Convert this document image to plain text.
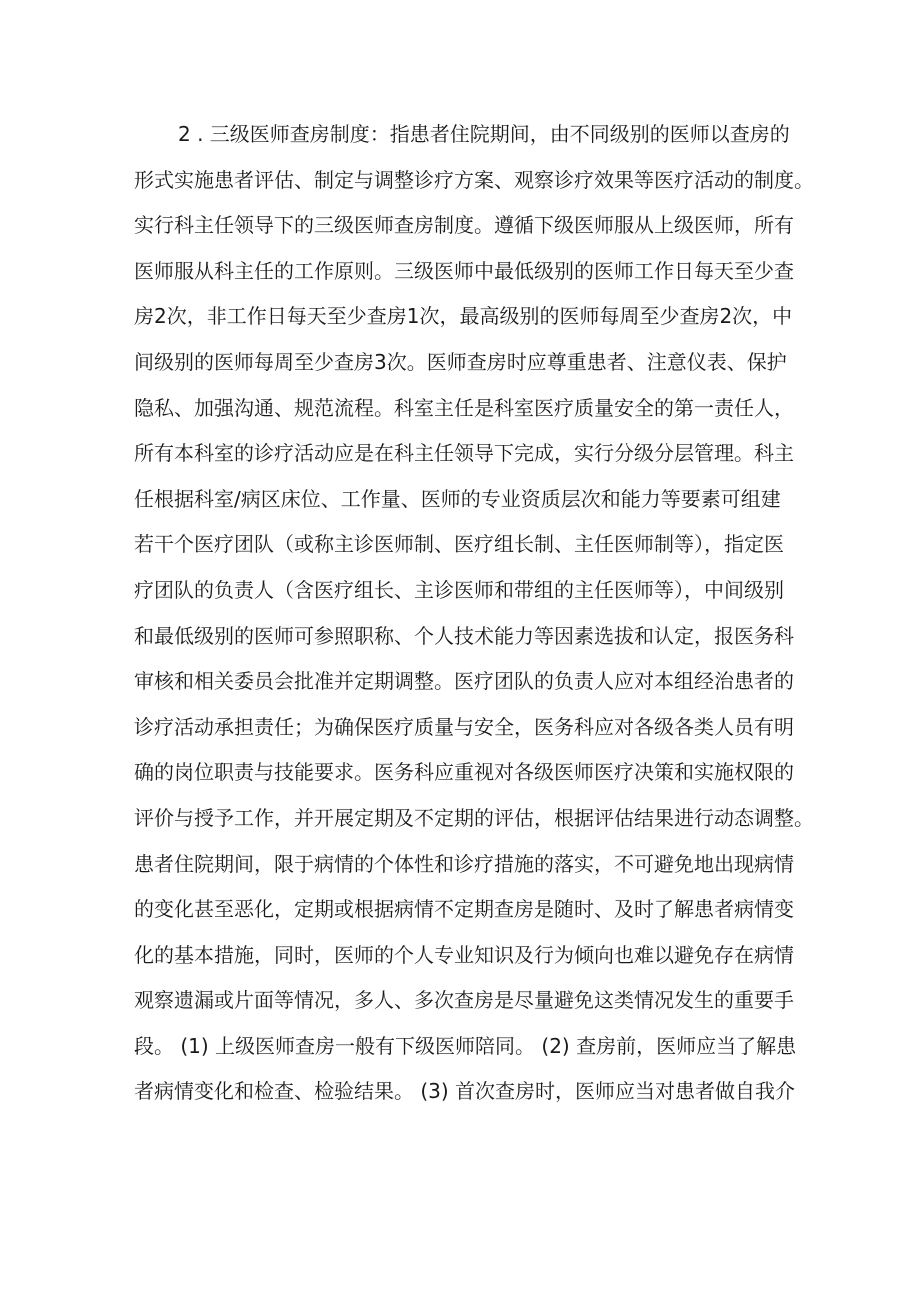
2 . 三级医师查房制度：指患者住院期间，由不同级别的医师以查房的
形式实施患者评估、制定与调整诊疗方案、观察诊疗效果等医疗活动的制度。
实行科主任领导下的三级医师查房制度。遵循下级医师服从上级医师，所有
医师服从科主任的工作原则。三级医师中最低级别的医师工作日每天至少查
房2次，非工作日每天至少查房1次，最高级别的医师每周至少查房2次，中
间级别的医师每周至少查房3次。医师查房时应尊重患者、注意仪表、保护
隐私、加强沟通、规范流程。科室主任是科室医疗质量安全的第一责任人，
所有本科室的诊疗活动应是在科主任领导下完成，实行分级分层管理。科主
任根据科室/病区床位、工作量、医师的专业资质层次和能力等要素可组建
若干个医疗团队（或称主诊医师制、医疗组长制、主任医师制等），指定医
疗团队的负责人（含医疗组长、主诊医师和带组的主任医师等），中间级别
和最低级别的医师可参照职称、个人技术能力等因素选拔和认定，报医务科
审核和相关委员会批准并定期调整。医疗团队的负责人应对本组经治患者的
诊疗活动承担责任；为确保医疗质量与安全，医务科应对各级各类人员有明
确的岗位职责与技能要求。医务科应重视对各级医师医疗决策和实施权限的
评价与授予工作，并开展定期及不定期的评估，根据评估结果进行动态调整。
患者住院期间，限于病情的个体性和诊疗措施的落实，不可避免地出现病情
的变化甚至恶化，定期或根据病情不定期查房是随时、及时了解患者病情变
化的基本措施，同时，医师的个人专业知识及行为倾向也难以避免存在病情
观察遗漏或片面等情况，多人、多次查房是尽量避免这类情况发生的重要手
段。 (1) 上级医师查房一般有下级医师陪同。 (2) 查房前，医师应当了解患
者病情变化和检查、检验结果。 (3) 首次查房时，医师应当对患者做自我介
